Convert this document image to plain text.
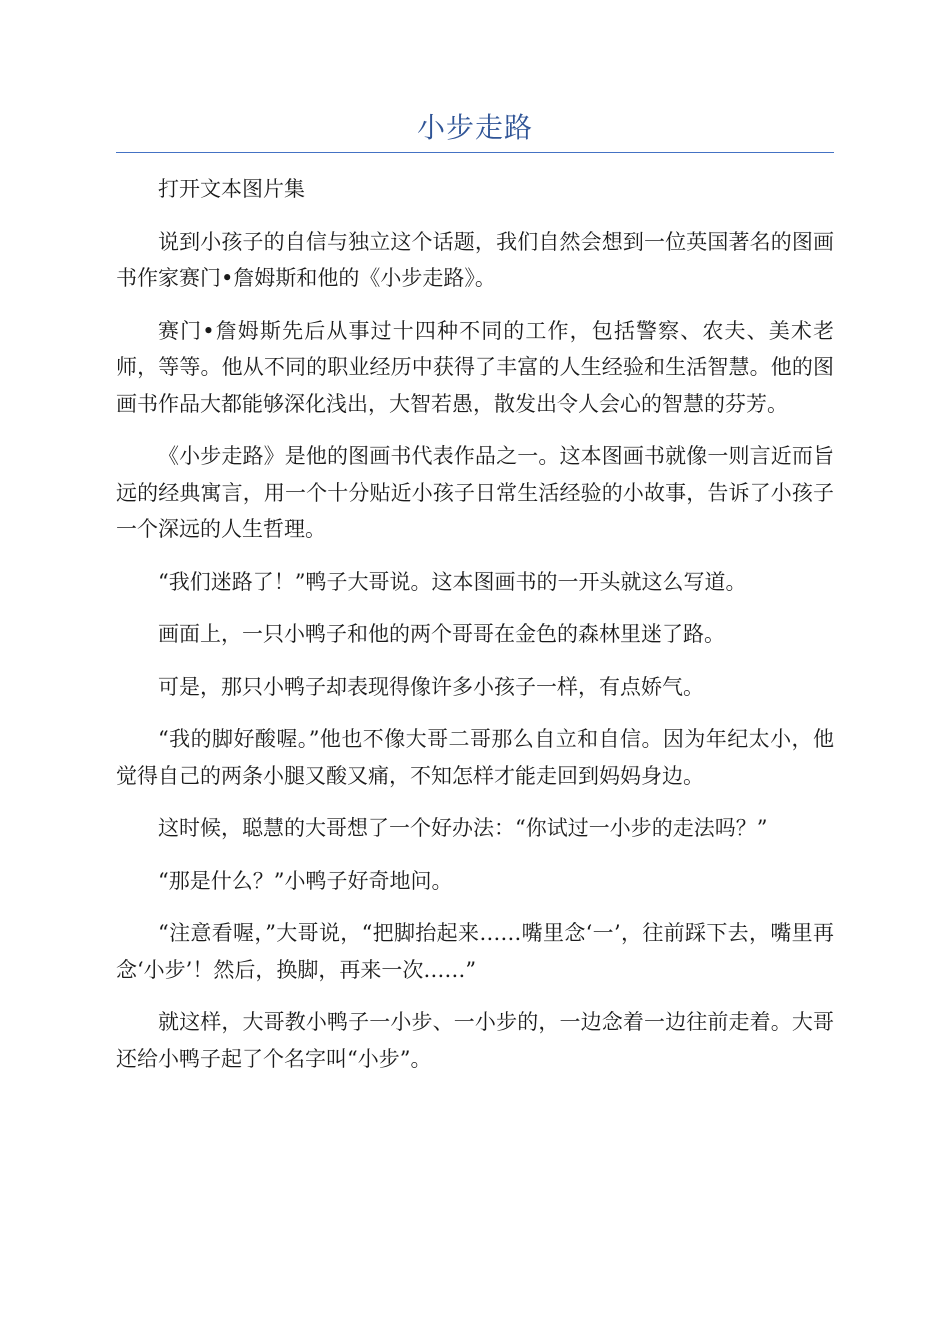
小步走路

打开文本图片集

说到小孩子的自信与独立这个话题，我们自然会想到一位英国著名的图画书作家赛门•詹姆斯和他的《小步走路》。

赛门•詹姆斯先后从事过十四种不同的工作，包括警察、农夫、美术老师，等等。他从不同的职业经历中获得了丰富的人生经验和生活智慧。他的图画书作品大都能够深化浅出，大智若愚，散发出令人会心的智慧的芬芳。

《小步走路》是他的图画书代表作品之一。这本图画书就像一则言近而旨远的经典寓言，用一个十分贴近小孩子日常生活经验的小故事，告诉了小孩子一个深远的人生哲理。

“我们迷路了！”鸭子大哥说。这本图画书的一开头就这么写道。

画面上，一只小鸭子和他的两个哥哥在金色的森林里迷了路。

可是，那只小鸭子却表现得像许多小孩子一样，有点娇气。

“我的脚好酸喔。”他也不像大哥二哥那么自立和自信。因为年纪太小，他觉得自己的两条小腿又酸又痛，不知怎样才能走回到妈妈身边。

这时候，聪慧的大哥想了一个好办法：“你试过一小步的走法吗？”

“那是什么？”小鸭子好奇地问。

“注意看喔，”大哥说，“把脚抬起来……嘴里念‘一’，往前踩下去，嘴里再念‘小步’！然后，换脚，再来一次……”

就这样，大哥教小鸭子一小步、一小步的，一边念着一边往前走着。大哥还给小鸭子起了个名字叫“小步”。
